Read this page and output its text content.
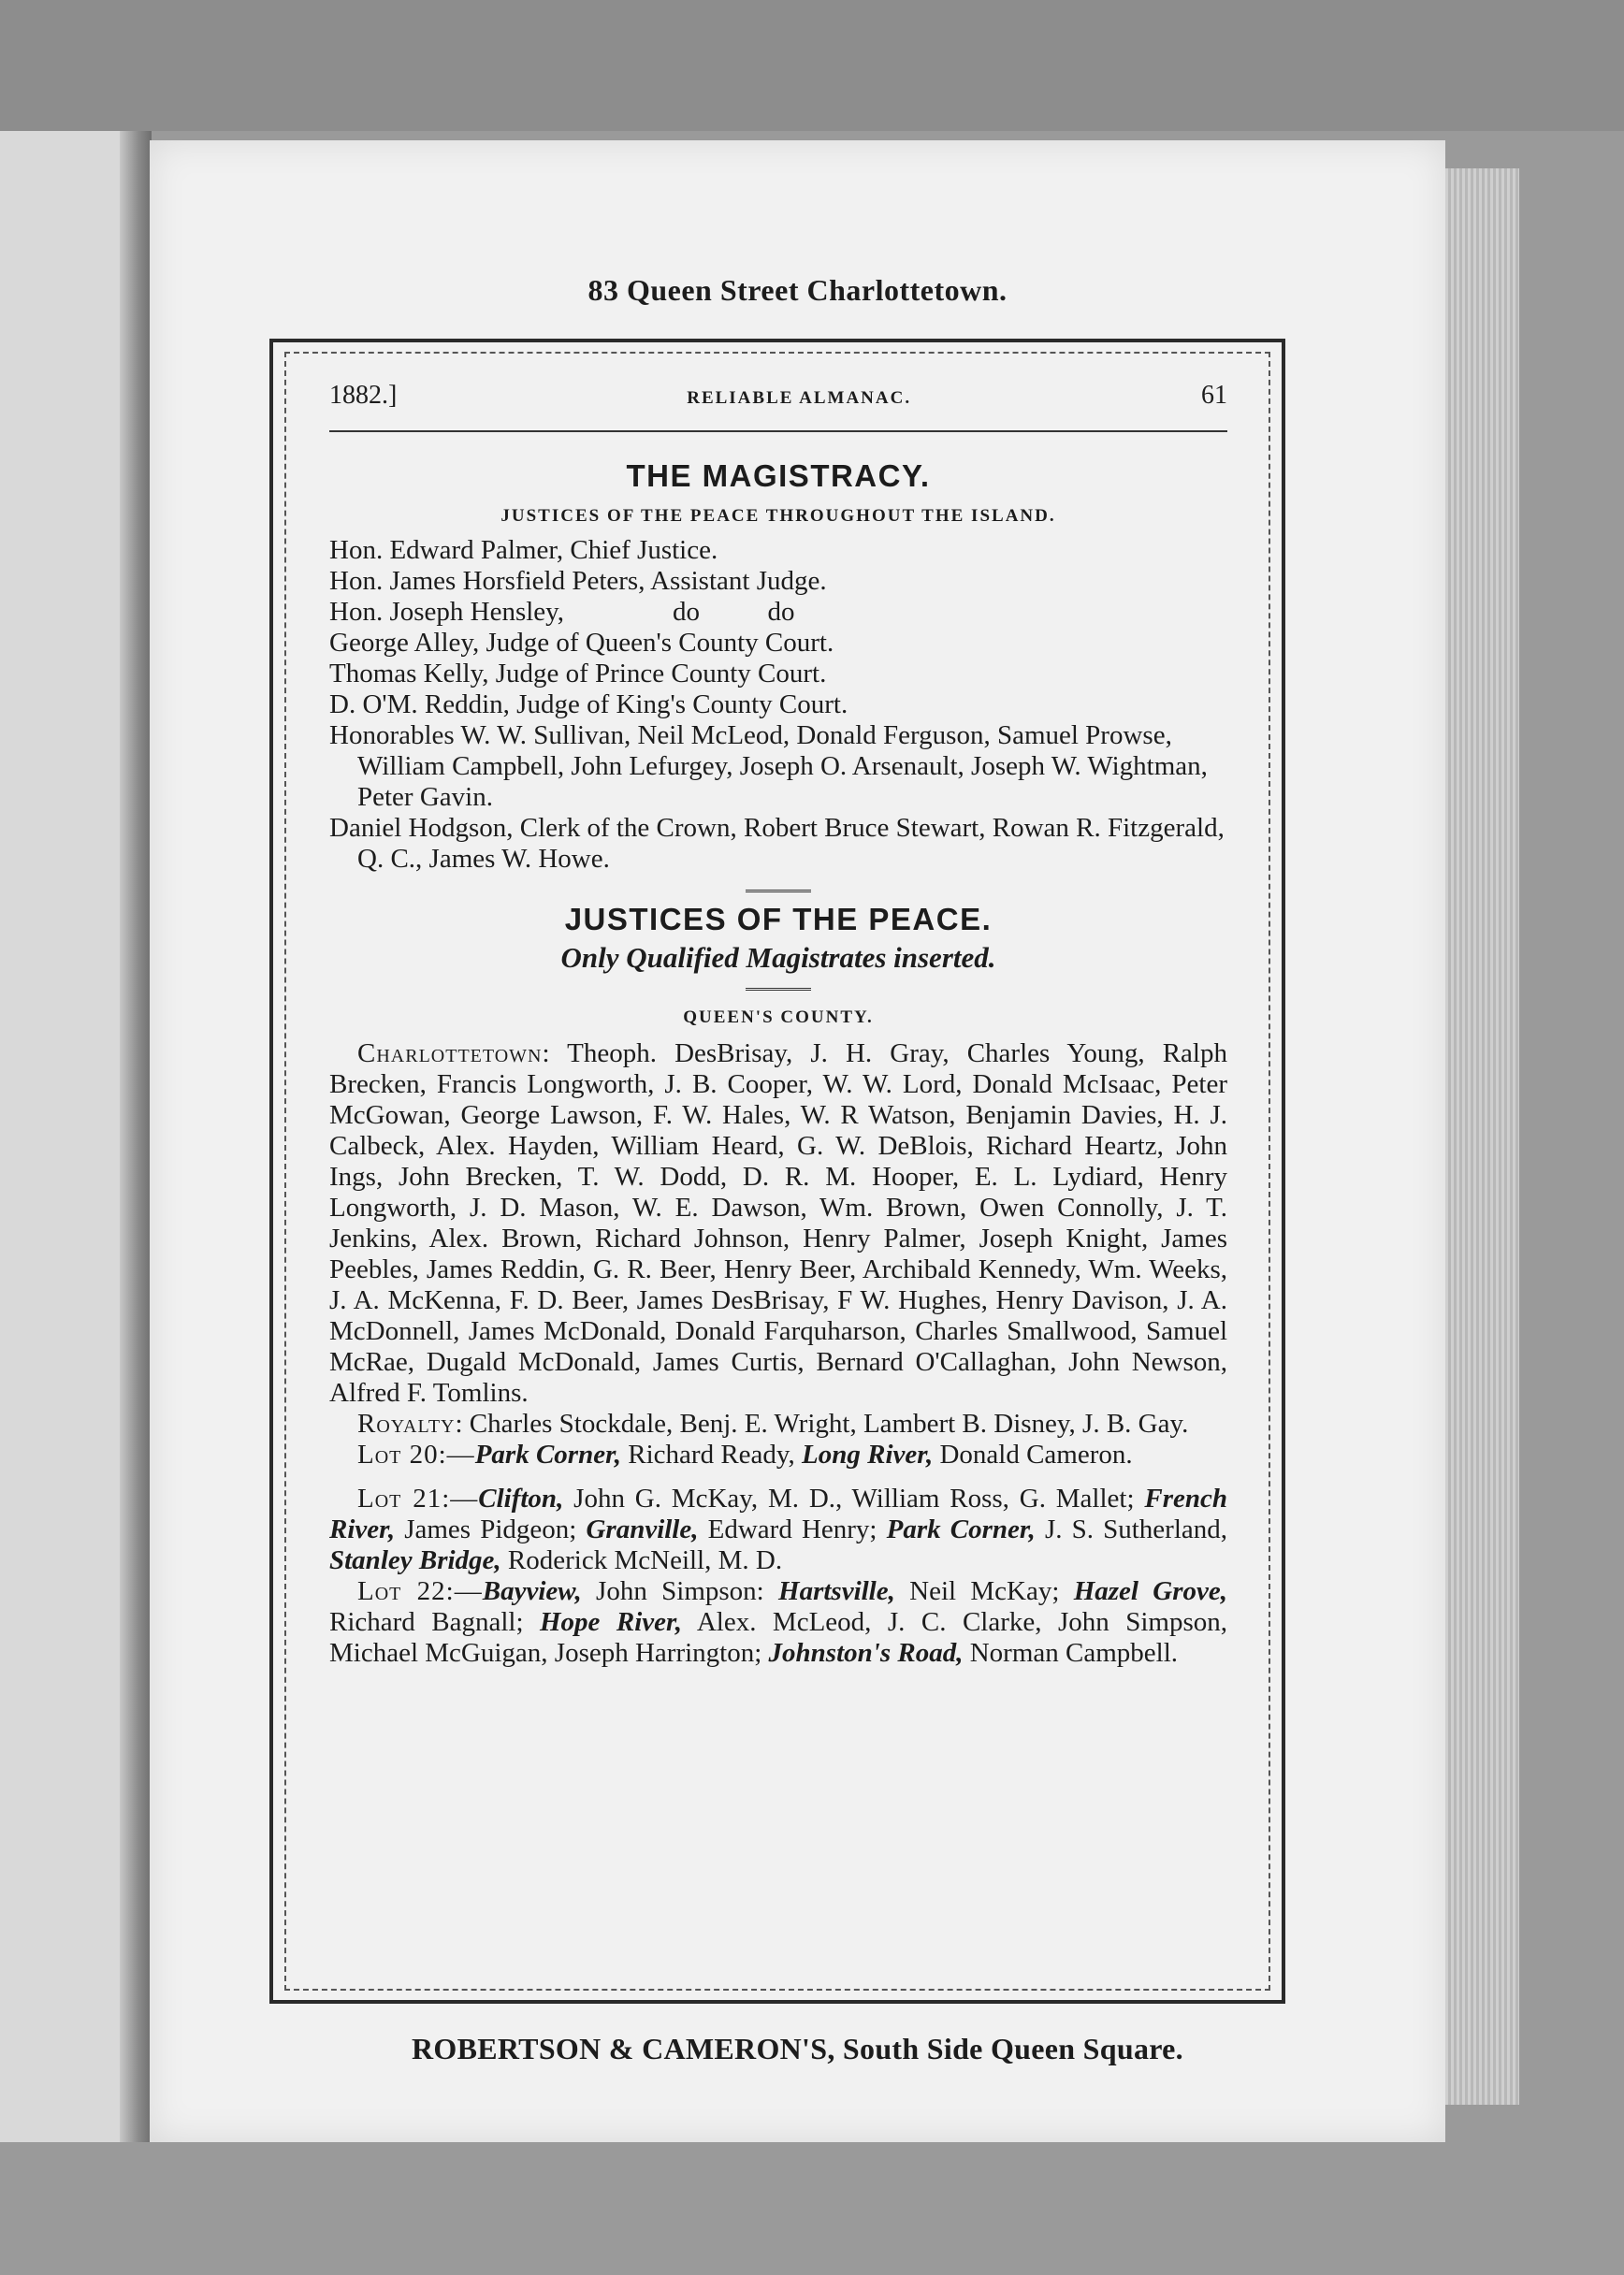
83 Queen Street Charlottetown.
1882.]	RELIABLE ALMANAC.	61
THE MAGISTRACY.
JUSTICES OF THE PEACE THROUGHOUT THE ISLAND.

Hon. Edward Palmer, Chief Justice.

Hon. James Horsfield Peters, Assistant Judge.

Hon. Joseph Hensley,                do          do

George Alley, Judge of Queen's County Court.

Thomas Kelly, Judge of Prince County Court.

D. O'M. Reddin, Judge of King's County Court.

Honorables W. W. Sullivan, Neil McLeod, Donald Ferguson, Samuel Prowse, William Campbell, John Lefurgey, Joseph O. Arsenault, Joseph W. Wightman, Peter Gavin.

Daniel Hodgson, Clerk of the Crown, Robert Bruce Stewart, Rowan R. Fitzgerald, Q. C., James W. Howe.

JUSTICES OF THE PEACE.
Only Qualified Magistrates inserted.
QUEEN'S COUNTY.

Charlottetown: Theoph. DesBrisay, J. H. Gray, Charles Young, Ralph Brecken, Francis Longworth, J. B. Cooper, W. W. Lord, Donald McIsaac, Peter McGowan, George Lawson, F. W. Hales, W. R Watson, Benjamin Davies, H. J. Calbeck, Alex. Hayden, William Heard, G. W. DeBlois, Richard Heartz, John Ings, John Brecken, T. W. Dodd, D. R. M. Hooper, E. L. Lydiard, Henry Longworth, J. D. Mason, W. E. Dawson, Wm. Brown, Owen Connolly, J. T. Jenkins, Alex. Brown, Richard Johnson, Henry Palmer, Joseph Knight, James Peebles, James Reddin, G. R. Beer, Henry Beer, Archibald Kennedy, Wm. Weeks, J. A. McKenna, F. D. Beer, James DesBrisay, F W. Hughes, Henry Davison, J. A. McDonnell, James McDonald, Donald Farquharson, Charles Smallwood, Samuel McRae, Dugald McDonald, James Curtis, Bernard O'Callaghan, John Newson, Alfred F. Tomlins.

Royalty: Charles Stockdale, Benj. E. Wright, Lambert B. Disney, J. B. Gay.

Lot 20:—Park Corner, Richard Ready, Long River, Donald Cameron.

Lot 21:—Clifton, John G. McKay, M. D., William Ross, G. Mallet; French River, James Pidgeon; Granville, Edward Henry; Park Corner, J. S. Sutherland, Stanley Bridge, Roderick McNeill, M. D.

Lot 22:—Bayview, John Simpson: Hartsville, Neil McKay; Hazel Grove, Richard Bagnall; Hope River, Alex. McLeod, J. C. Clarke, John Simpson, Michael McGuigan, Joseph Harrington; Johnston's Road, Norman Campbell.

ROBERTSON & CAMERON'S, South Side Queen Square.
